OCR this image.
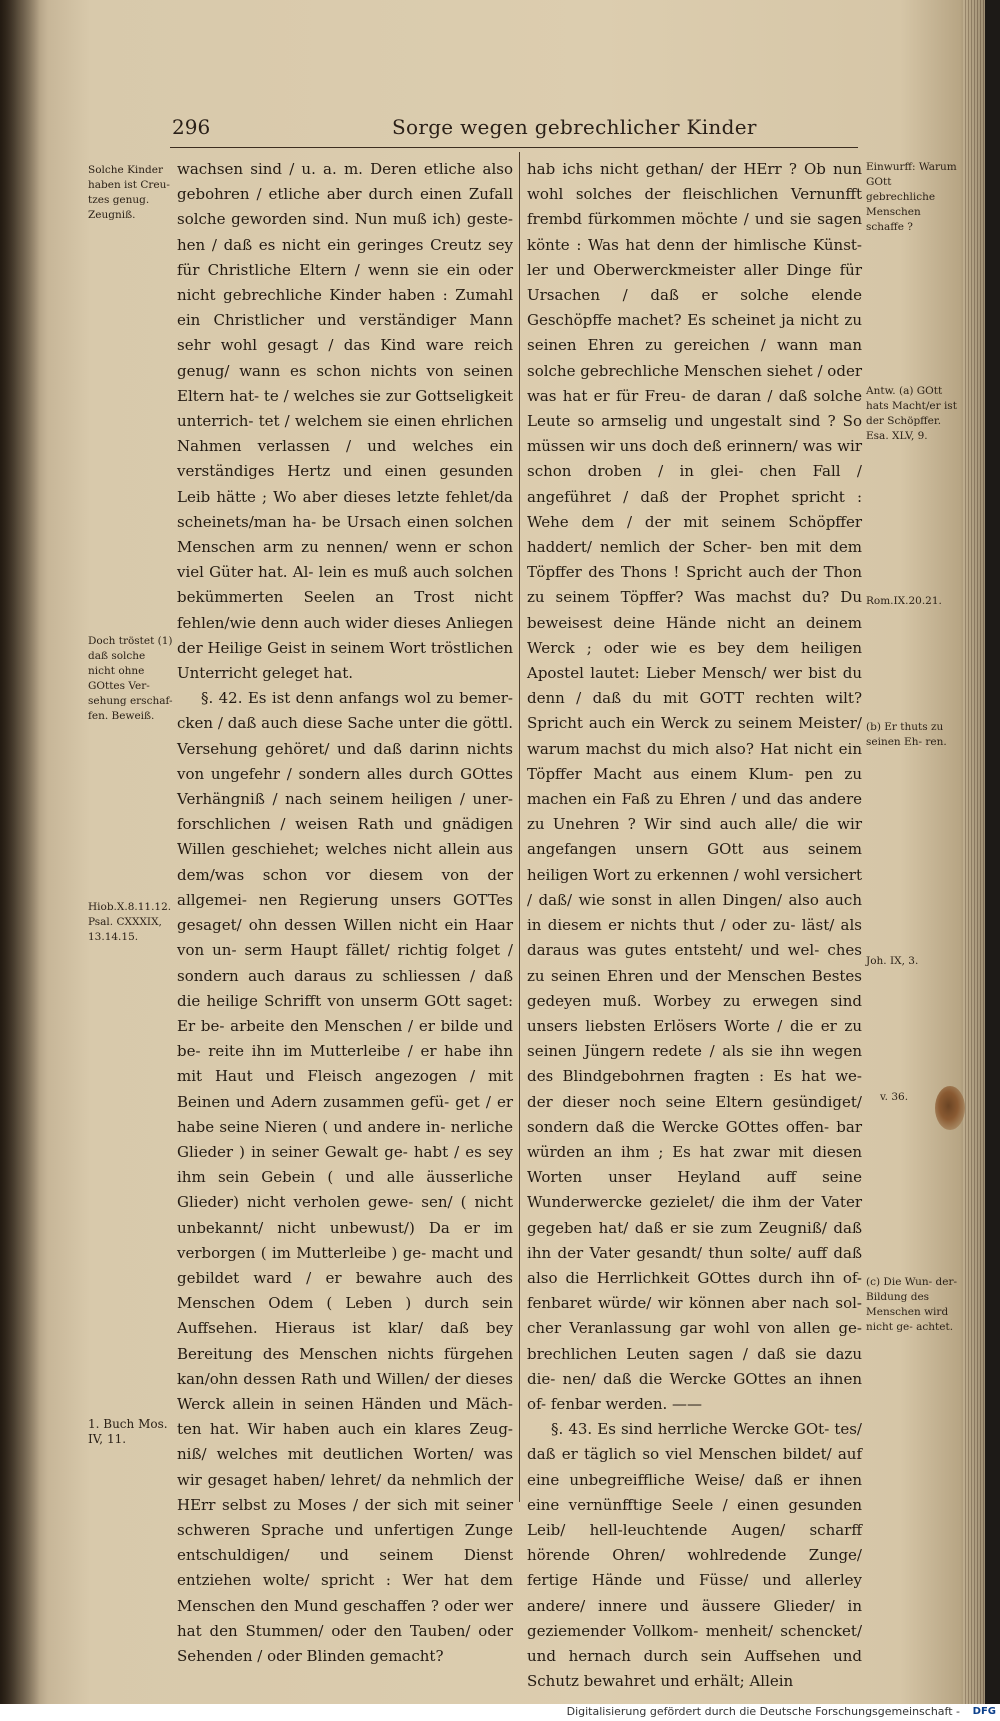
296	Sorge wegen gebrechlicher Kinder

wachsen sind / u. a. m. Deren etliche also gebohren / etliche aber durch einen Zufall solche geworden sind. Nun muß ich) geste- hen / daß es nicht ein geringes Creutz sey für Christliche Eltern / wenn sie ein oder nicht gebrechliche Kinder haben : Zumahl ein Christlicher und verständiger Mann sehr wohl gesagt / das Kind ware reich genug/ wann es schon nichts von seinen Eltern hat- te / welches sie zur Gottseligkeit unterrich- tet / welchem sie einen ehrlichen Nahmen verlassen / und welches ein verständiges Hertz und einen gesunden Leib hätte ; Wo aber dieses letzte fehlet/da scheinets/man ha- be Ursach einen solchen Menschen arm zu nennen/ wenn er schon viel Güter hat. Al- lein es muß auch solchen bekümmerten Seelen an Trost nicht fehlen/wie denn auch wider dieses Anliegen der Heilige Geist in seinem Wort tröstlichen Unterricht geleget hat.

§. 42. Es ist denn anfangs wol zu bemer- cken / daß auch diese Sache unter die göttl. Versehung gehöret/ und daß darinn nichts von ungefehr / sondern alles durch GOttes Verhängniß / nach seinem heiligen / uner- forschlichen / weisen Rath und gnädigen Willen geschiehet; welches nicht allein aus dem/was schon vor diesem von der allgemei- nen Regierung unsers GOTTes gesaget/ ohn dessen Willen nicht ein Haar von un- serm Haupt fället/ richtig folget / sondern auch daraus zu schliessen / daß die heilige Schrifft von unserm GOtt saget: Er be- arbeite den Menschen / er bilde und be- reite ihn im Mutterleibe / er habe ihn mit Haut und Fleisch angezogen / mit Beinen und Adern zusammen gefü- get / er habe seine Nieren ( und andere in- nerliche Glieder ) in seiner Gewalt ge- habt / es sey ihm sein Gebein ( und alle äusserliche Glieder) nicht verholen gewe- sen/ ( nicht unbekannt/ nicht unbewust/) Da er im verborgen ( im Mutterleibe ) ge- macht und gebildet ward / er bewahre auch des Menschen Odem ( Leben ) durch sein Auffsehen. Hieraus ist klar/ daß bey Bereitung des Menschen nichts fürgehen kan/ohn dessen Rath und Willen/ der dieses Werck allein in seinen Händen und Mäch- ten hat. Wir haben auch ein klares Zeug- niß/ welches mit deutlichen Worten/ was wir gesaget haben/ lehret/ da nehmlich der HErr selbst zu Moses / der sich mit seiner schweren Sprache und unfertigen Zunge entschuldigen/ und seinem Dienst entziehen wolte/ spricht : Wer hat dem Menschen den Mund geschaffen ? oder wer hat den Stummen/ oder den Tauben/ oder Sehenden / oder Blinden gemacht?

hab ichs nicht gethan/ der HErr ? Ob nun wohl solches der fleischlichen Vernunfft frembd fürkommen möchte / und sie sagen könte : Was hat denn der himlische Künst- ler und Oberwerckmeister aller Dinge für Ursachen / daß er solche elende Geschöpffe machet? Es scheinet ja nicht zu seinen Ehren zu gereichen / wann man solche gebrechliche Menschen siehet / oder was hat er für Freu- de daran / daß solche Leute so armselig und ungestalt sind ? So müssen wir uns doch deß erinnern/ was wir schon droben / in glei- chen Fall / angeführet / daß der Prophet spricht : Wehe dem / der mit seinem Schöpffer haddert/ nemlich der Scher- ben mit dem Töpffer des Thons ! Spricht auch der Thon zu seinem Töpffer? Was machst du? Du beweisest deine Hände nicht an deinem Werck ; oder wie es bey dem heiligen Apostel lautet: Lieber Mensch/ wer bist du denn / daß du mit GOTT rechten wilt? Spricht auch ein Werck zu seinem Meister/ warum machst du mich also? Hat nicht ein Töpffer Macht aus einem Klum- pen zu machen ein Faß zu Ehren / und das andere zu Unehren ? Wir sind auch alle/ die wir angefangen unsern GOtt aus seinem heiligen Wort zu erkennen / wohl versichert / daß/ wie sonst in allen Dingen/ also auch in diesem er nichts thut / oder zu- läst/ als daraus was gutes entsteht/ und wel- ches zu seinen Ehren und der Menschen Bestes gedeyen muß. Worbey zu erwegen sind unsers liebsten Erlösers Worte / die er zu seinen Jüngern redete / als sie ihn wegen des Blindgebohrnen fragten : Es hat we- der dieser noch seine Eltern gesündiget/ sondern daß die Wercke GOttes offen- bar würden an ihm ; Es hat zwar mit diesen Worten unser Heyland auff seine Wunderwercke gezielet/ die ihm der Vater gegeben hat/ daß er sie zum Zeugniß/ daß ihn der Vater gesandt/ thun solte/ auff daß also die Herrlichkeit GOttes durch ihn of- fenbaret würde/ wir können aber nach sol- cher Veranlassung gar wohl von allen ge- brechlichen Leuten sagen / daß sie dazu die- nen/ daß die Wercke GOttes an ihnen of- fenbar werden. ——

§. 43. Es sind herrliche Wercke GOt- tes/ daß er täglich so viel Menschen bildet/ auf eine unbegreiffliche Weise/ daß er ihnen eine vernünfftige Seele / einen gesunden Leib/ hell-leuchtende Augen/ scharff hörende Ohren/ wohlredende Zunge/ fertige Hände und Füsse/ und allerley andere/ innere und äussere Glieder/ in geziemender Vollkom- menheit/ schencket/ und hernach durch sein Auffsehen und Schutz bewahret und erhält; Allein

Solche Kinder haben ist Creu- tzes genug. Zeugniß.
Doch tröstet (1) daß solche nicht ohne GOttes Ver- sehung erschaf- fen. Beweiß.
Hiob.X.8.11.12. Psal. CXXXIX, 13.14.15.
1. Buch Mos. IV, 11.
Einwurff: Warum GOtt gebrechliche Menschen schaffe ?
Antw. (a) GOtt hats Macht/er ist der Schöpffer. Esa. XLV, 9.
Rom.IX.20.21.
(b) Er thuts zu seinen Eh- ren.
Joh. IX, 3.
v. 36.
(c) Die Wun- der-Bildung des Menschen wird nicht ge- achtet.
Digitalisierung gefördert durch die Deutsche Forschungsgemeinschaft - DFG
